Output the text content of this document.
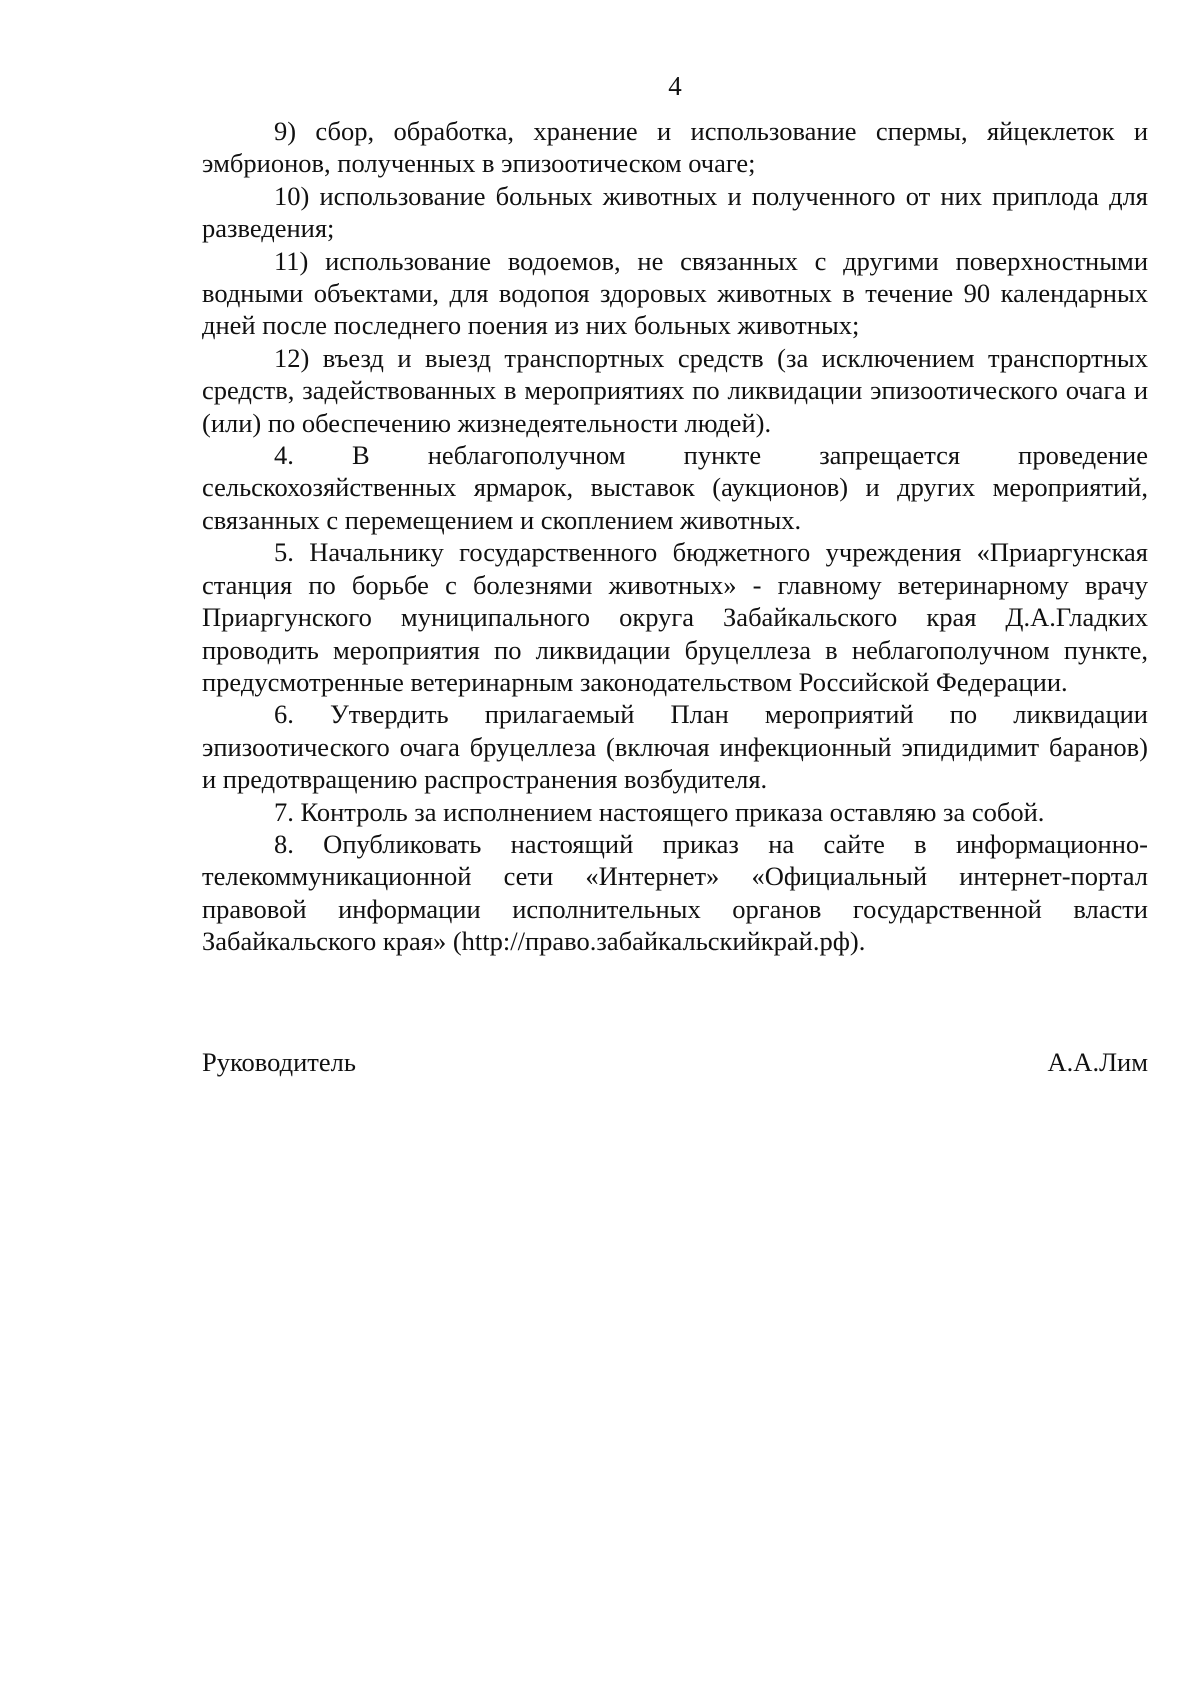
4

9) сбор, обработка, хранение и использование спермы, яйцеклеток и эмбрионов, полученных в эпизоотическом очаге;

10) использование больных животных и полученного от них приплода для разведения;

11) использование водоемов, не связанных с другими поверхностными водными объектами, для водопоя здоровых животных в течение 90 календарных дней после последнего поения из них больных животных;

12) въезд и выезд транспортных средств (за исключением транспортных средств, задействованных в мероприятиях по ликвидации эпизоотического очага и (или) по обеспечению жизнедеятельности людей).

4. В неблагополучном пункте запрещается проведение сельскохозяйственных ярмарок, выставок (аукционов) и других мероприятий, связанных с перемещением и скоплением животных.

5. Начальнику государственного бюджетного учреждения «Приаргунская станция по борьбе с болезнями животных» - главному ветеринарному врачу Приаргунского муниципального округа Забайкальского края Д.А.Гладких проводить мероприятия по ликвидации бруцеллеза в неблагополучном пункте, предусмотренные ветеринарным законодательством Российской Федерации.

6. Утвердить прилагаемый План мероприятий по ликвидации эпизоотического очага бруцеллеза (включая инфекционный эпидидимит баранов) и предотвращению распространения возбудителя.

7. Контроль за исполнением настоящего приказа оставляю за собой.

8. Опубликовать настоящий приказ на сайте в информационно-телекоммуникационной сети «Интернет» «Официальный интернет-портал правовой информации исполнительных органов государственной власти Забайкальского края» (http://право.забайкальскийкрай.рф).

Руководитель	А.А.Лим
